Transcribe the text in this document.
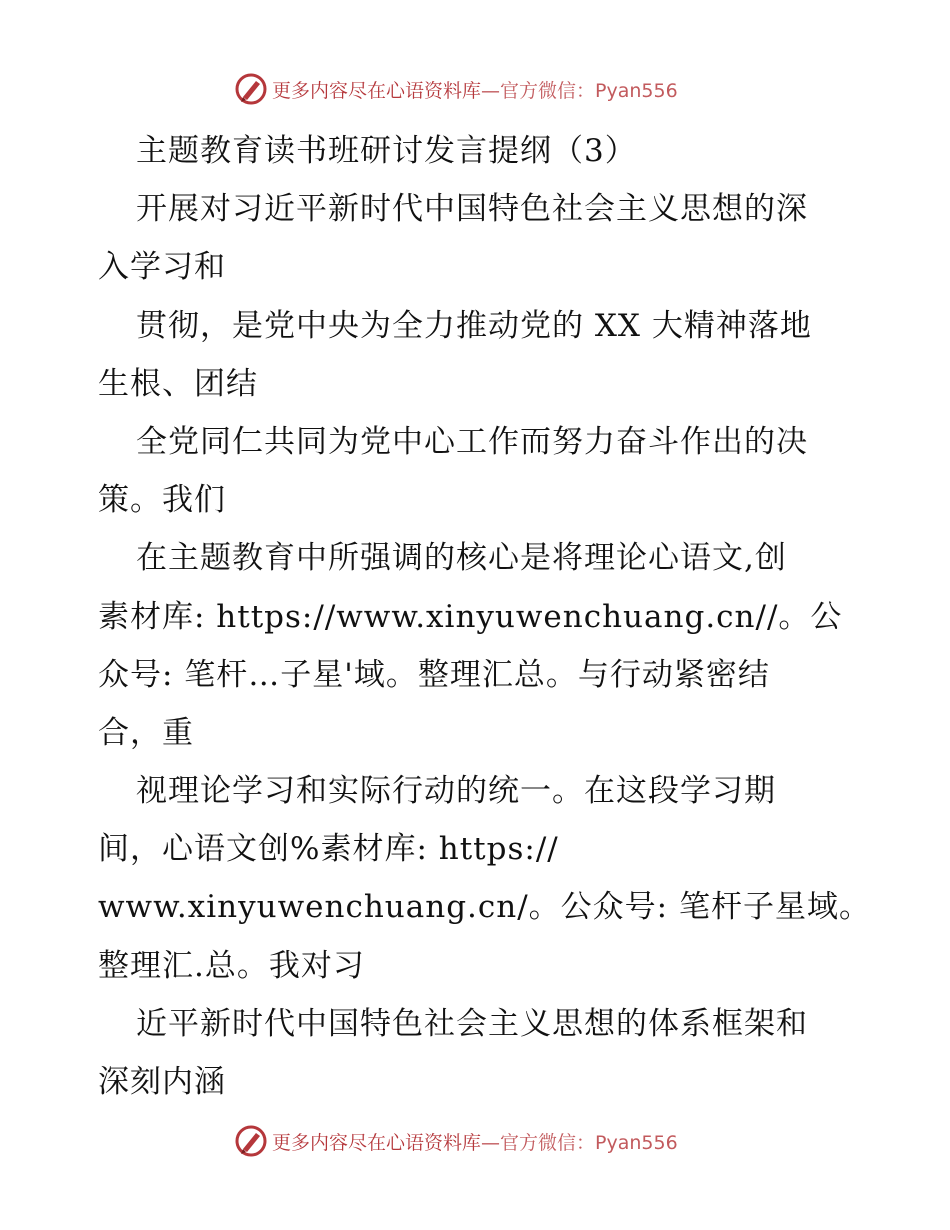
更多内容尽在心语资料库 —官方微信：Pyan556
主题教育读书班研讨发言提纲（3）
开展对习近平新时代中国特色社会主义思想的深
入学习和
贯彻，是党中央为全力推动党的 XX 大精神落地
生根、团结
全党同仁共同为党中心工作而努力奋斗作出的决
策。我们
在主题教育中所强调的核心是将理论心语文,创
素材库: https://www.xinyuwenchuang.cn//。公
众号: 笔杆…子星'域。整理汇总。与行动紧密结
合，重
视理论学习和实际行动的统一。在这段学习期
间，心语文创%素材库: https://
www.xinyuwenchuang.cn/。公众号: 笔杆子星域。
整理汇.总。我对习
近平新时代中国特色社会主义思想的体系框架和
深刻内涵
更多内容尽在心语资料库 —官方微信：Pyan556
